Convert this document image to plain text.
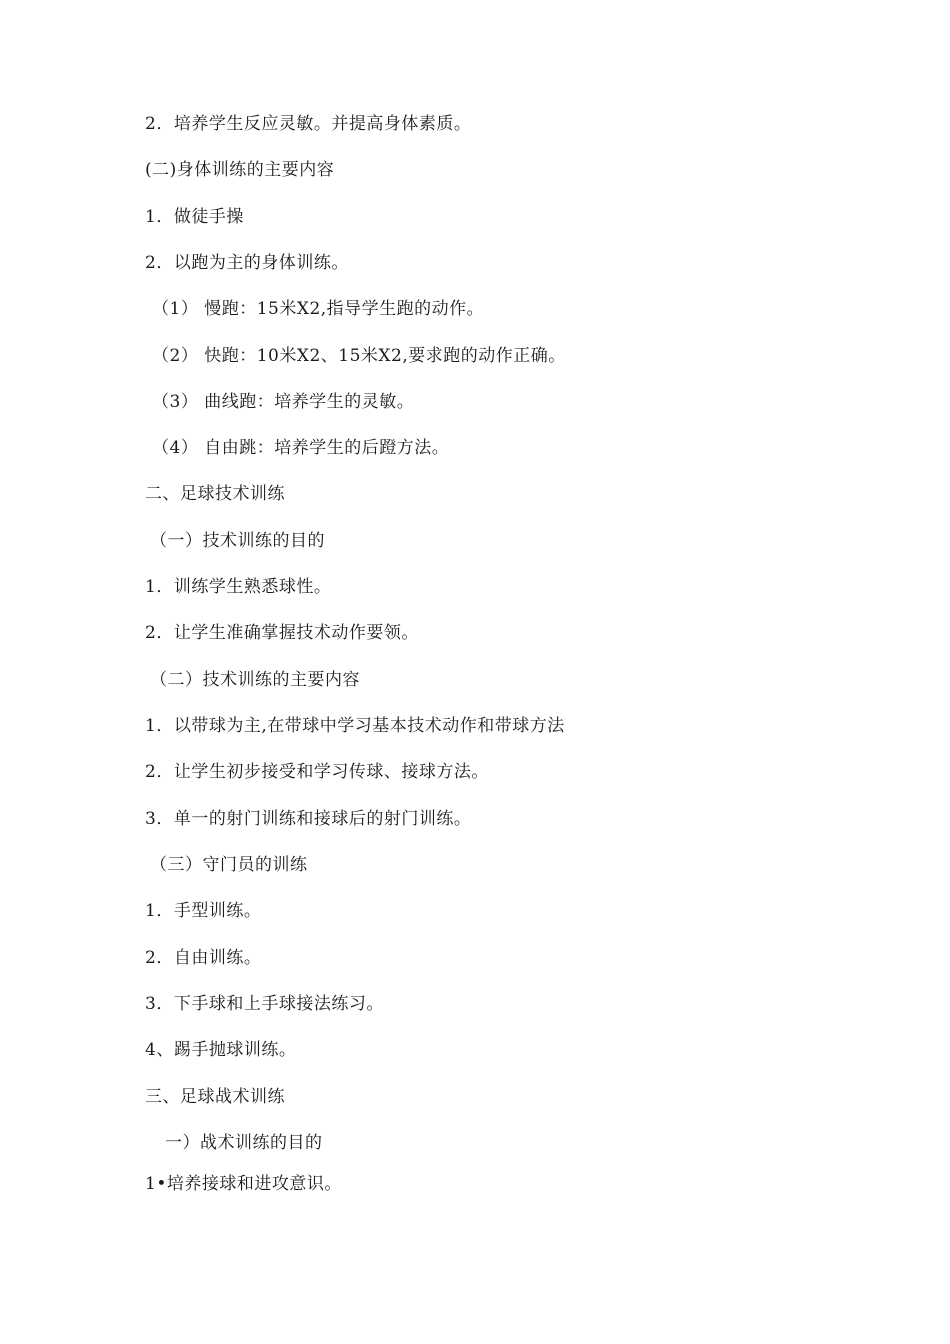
2．培养学生反应灵敏。并提高身体素质。
(二)身体训练的主要内容
1．做徒手操
2．以跑为主的身体训练。
（1） 慢跑：15米X2,指导学生跑的动作。
（2） 快跑：10米X2、15米X2,要求跑的动作正确。
（3） 曲线跑：培养学生的灵敏。
（4） 自由跳：培养学生的后蹬方法。
二、足球技术训练
（一）技术训练的目的
1．训练学生熟悉球性。
2．让学生准确掌握技术动作要领。
（二）技术训练的主要内容
1．以带球为主,在带球中学习基本技术动作和带球方法
2．让学生初步接受和学习传球、接球方法。
3．单一的射门训练和接球后的射门训练。
（三）守门员的训练
1．手型训练。
2．自由训练。
3．下手球和上手球接法练习。
4、踢手抛球训练。
三、足球战术训练
一）战术训练的目的
1•培养接球和进攻意识。
